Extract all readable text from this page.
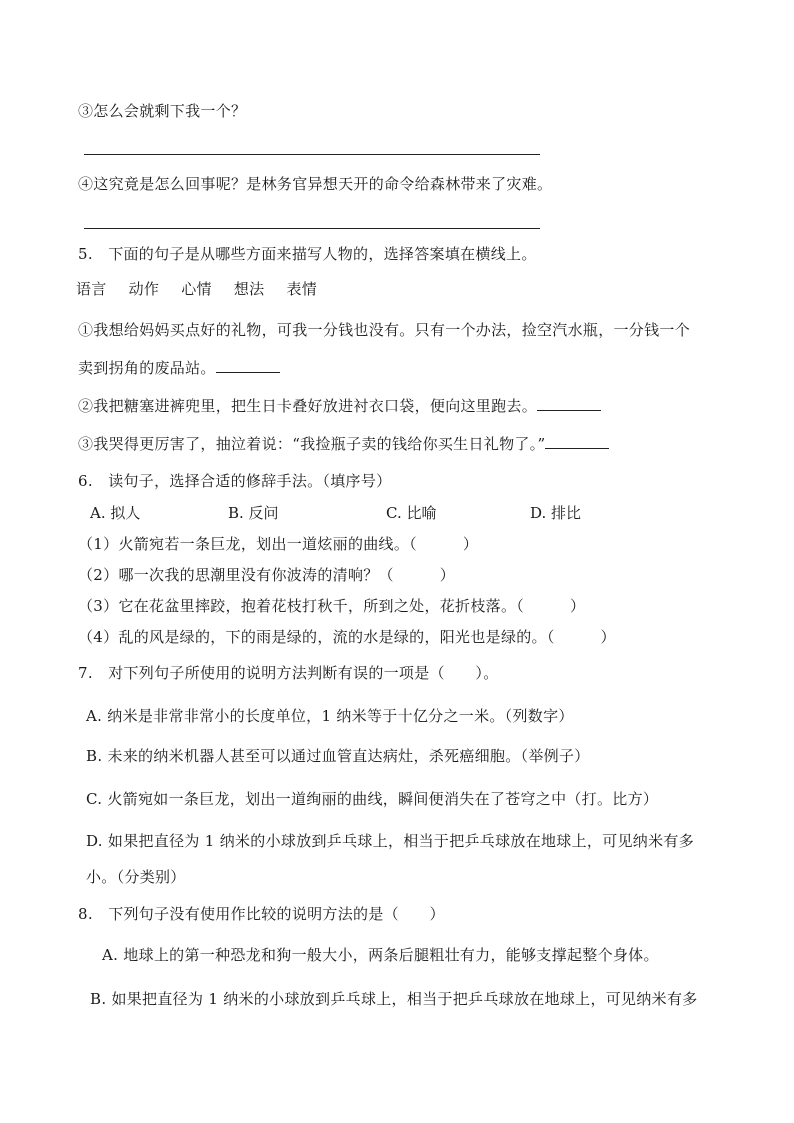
③怎么会就剩下我一个？
④这究竟是怎么回事呢？是林务官异想天开的命令给森林带来了灾难。
5.　下面的句子是从哪些方面来描写人物的，选择答案填在横线上。
语言 动作 心情 想法 表情
①我想给妈妈买点好的礼物，可我一分钱也没有。只有一个办法，捡空汽水瓶，一分钱一个
卖到拐角的废品站。
②我把糖塞进裤兜里，把生日卡叠好放进衬衣口袋，便向这里跑去。
③我哭得更厉害了，抽泣着说：“我捡瓶子卖的钱给你买生日礼物了。”
6.　读句子，选择合适的修辞手法。（填序号）
A. 拟人	B. 反问	C. 比喻	D. 排比
（1）火箭宛若一条巨龙，划出一道炫丽的曲线。（　　　）
（2）哪一次我的思潮里没有你波涛的清响？（　　　）
（3）它在花盆里摔跤，抱着花枝打秋千，所到之处，花折枝落。（　　　）
（4）乱的风是绿的，下的雨是绿的，流的水是绿的，阳光也是绿的。（　　　）
7.　对下列句子所使用的说明方法判断有误的一项是（　　）。
A. 纳米是非常非常小的长度单位，1 纳米等于十亿分之一米。（列数字）
B. 未来的纳米机器人甚至可以通过血管直达病灶，杀死癌细胞。（举例子）
C. 火箭宛如一条巨龙，划出一道绚丽的曲线，瞬间便消失在了苍穹之中（打。比方）
D. 如果把直径为 1 纳米的小球放到乒乓球上，相当于把乒乓球放在地球上，可见纳米有多
小。（分类别）
8.　下列句子没有使用作比较的说明方法的是（　　）
A. 地球上的第一种恐龙和狗一般大小，两条后腿粗壮有力，能够支撑起整个身体。
B. 如果把直径为 1 纳米的小球放到乒乓球上，相当于把乒乓球放在地球上，可见纳米有多
